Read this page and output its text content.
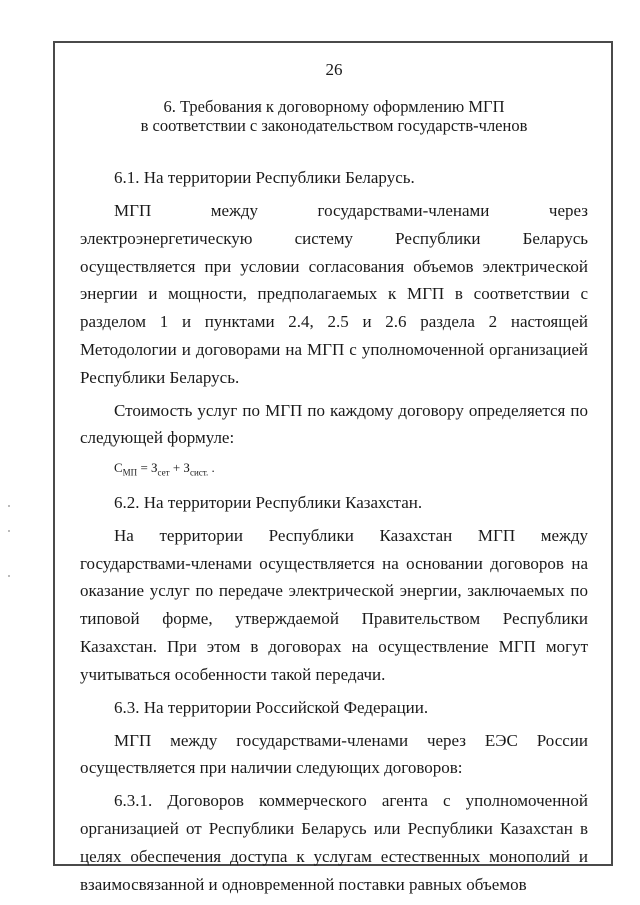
26
6. Требования к договорному оформлению МГП
в соответствии с законодательством государств-членов
6.1. На территории Республики Беларусь.

МГП между государствами-членами через электроэнергетическую систему Республики Беларусь осуществляется при условии согласования объемов электрической энергии и мощности, предполагаемых к МГП в соответствии с разделом 1 и пунктами 2.4, 2.5 и 2.6 раздела 2 настоящей Методологии и договорами на МГП с уполномоченной организацией Республики Беларусь.

Стоимость услуг по МГП по каждому договору определяется по следующей формуле:

$С_{МП} = З_{сет} + З_{сист.}$ .
6.2. На территории Республики Казахстан.

На территории Республики Казахстан МГП между государствами-членами осуществляется на основании договоров на оказание услуг по передаче электрической энергии, заключаемых по типовой форме, утверждаемой Правительством Республики Казахстан. При этом в договорах на осуществление МГП могут учитываться особенности такой передачи.

6.3. На территории Российской Федерации.

МГП между государствами-членами через ЕЭС России осуществляется при наличии следующих договоров:

6.3.1. Договоров коммерческого агента с уполномоченной организацией от Республики Беларусь или Республики Казахстан в целях обеспечения доступа к услугам естественных монополий и взаимосвязанной и одновременной поставки равных объемов
